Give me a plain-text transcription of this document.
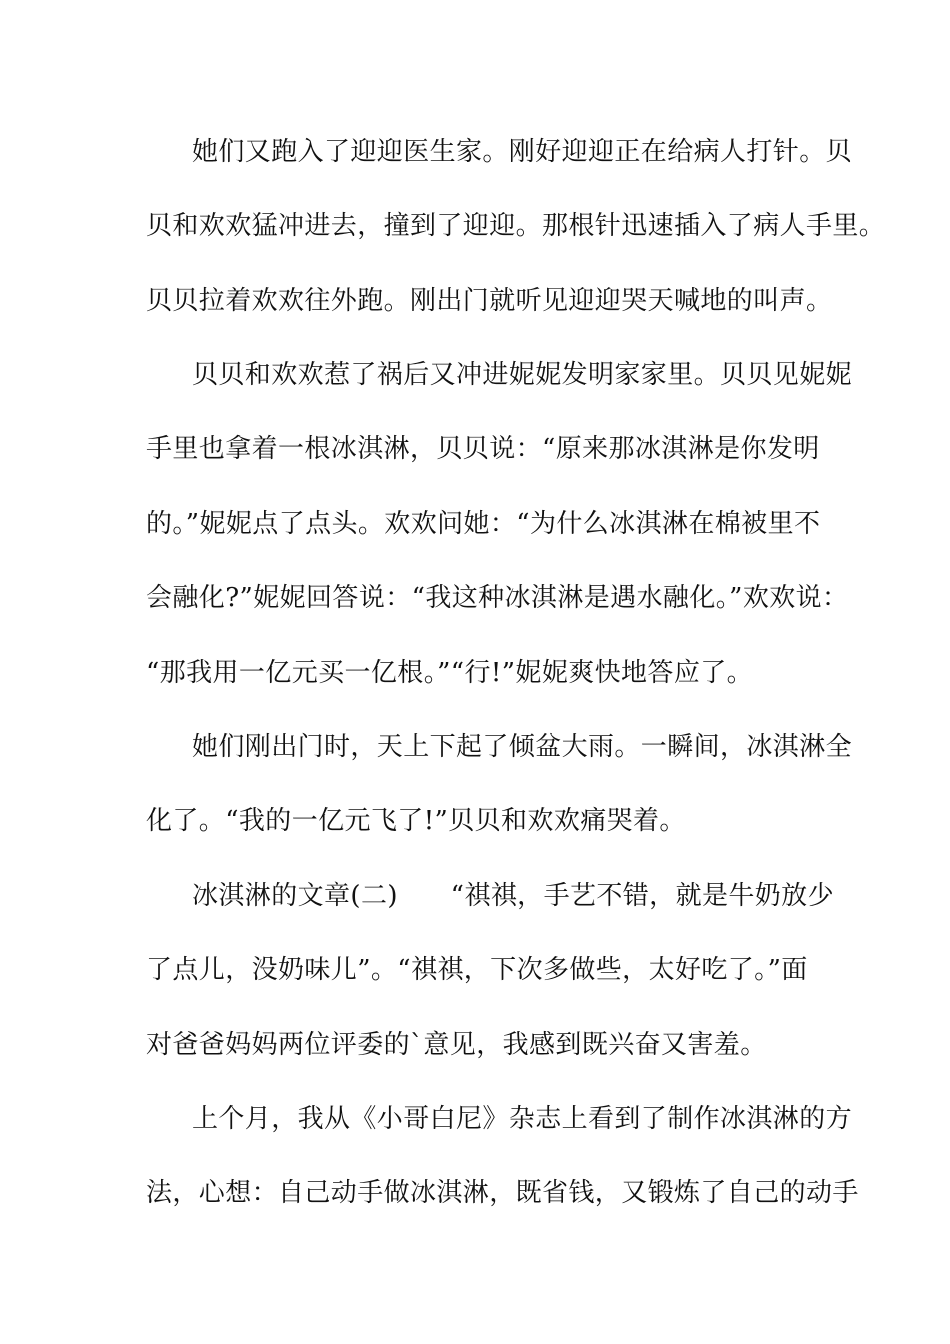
她们又跑入了迎迎医生家。刚好迎迎正在给病人打针。贝
贝和欢欢猛冲进去，撞到了迎迎。那根针迅速插入了病人手里。
贝贝拉着欢欢往外跑。刚出门就听见迎迎哭天喊地的叫声。
贝贝和欢欢惹了祸后又冲进妮妮发明家家里。贝贝见妮妮
手里也拿着一根冰淇淋，贝贝说：“原来那冰淇淋是你发明
的。”妮妮点了点头。欢欢问她：“为什么冰淇淋在棉被里不
会融化?”妮妮回答说：“我这种冰淇淋是遇水融化。”欢欢说：
“那我用一亿元买一亿根。”“行!”妮妮爽快地答应了。
她们刚出门时，天上下起了倾盆大雨。一瞬间，冰淇淋全
化了。“我的一亿元飞了!”贝贝和欢欢痛哭着。
冰淇淋的文章(二)　　“祺祺，手艺不错，就是牛奶放少
了点儿，没奶味儿”。“祺祺，下次多做些，太好吃了。”面
对爸爸妈妈两位评委的`意见，我感到既兴奋又害羞。
上个月，我从《小哥白尼》杂志上看到了制作冰淇淋的方
法，心想：自己动手做冰淇淋，既省钱，又锻炼了自己的动手
